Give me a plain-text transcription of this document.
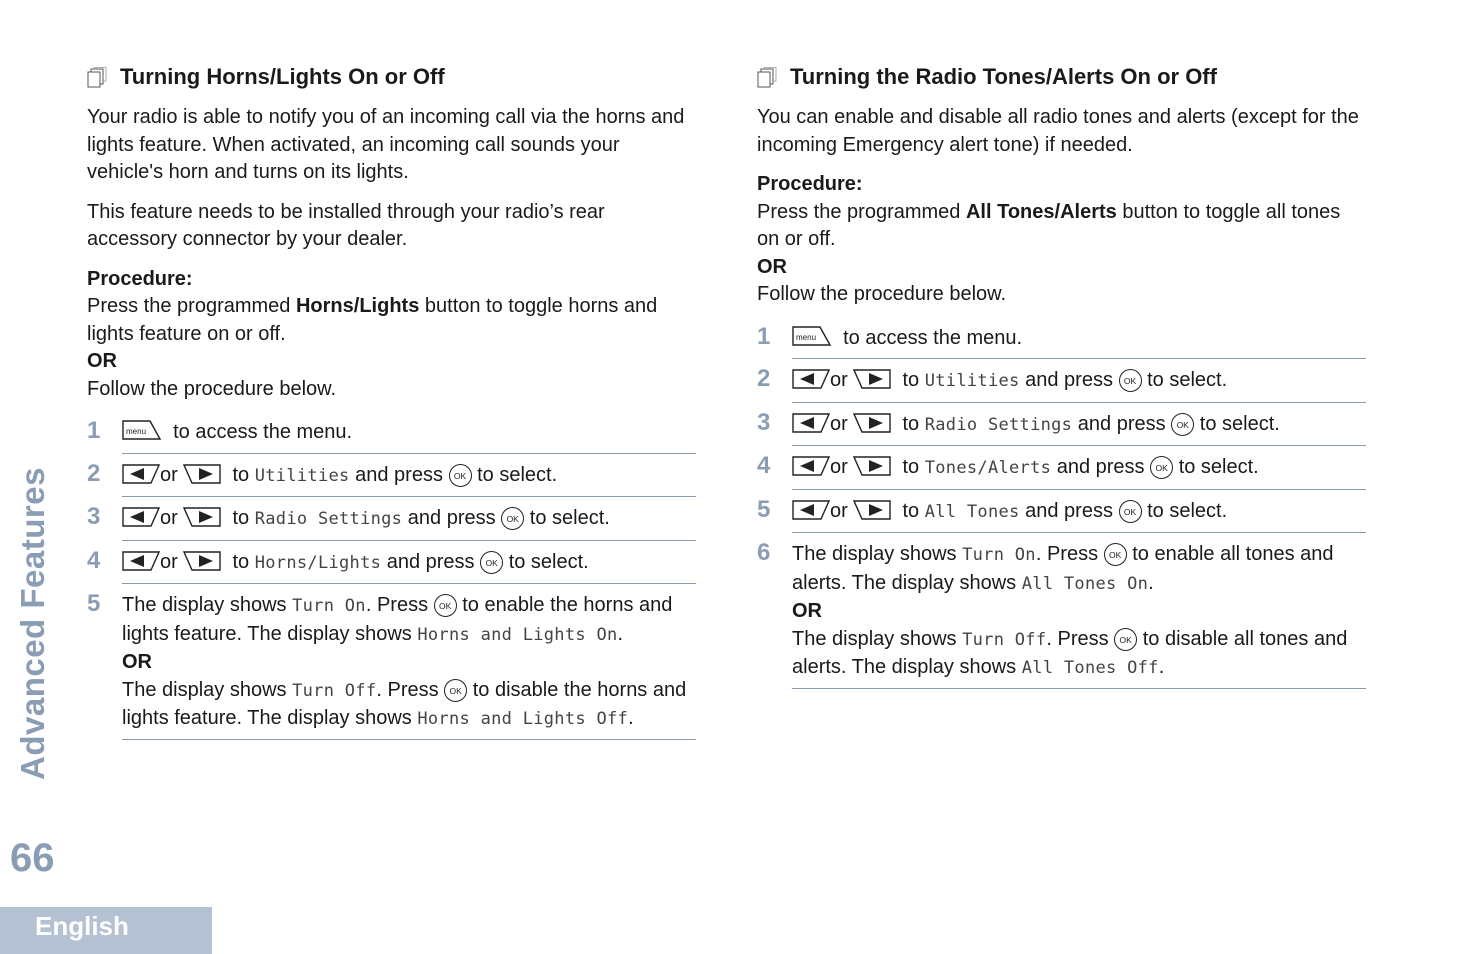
Advanced Features
66
English
Turning Horns/Lights On or Off

Your radio is able to notify you of an incoming call via the horns and lights feature. When activated, an incoming call sounds your vehicle's horn and turns on its lights.

This feature needs to be installed through your radio’s rear accessory connector by your dealer.

Procedure:
Press the programmed Horns/Lights button to toggle horns and lights feature on or off.
OR
Follow the procedure below.
1	menu to access the menu.
2	or	to Utilities and press OK to select.
3	or	to Radio Settings and press OK to select.
4	or	to Horns/Lights and press OK to select.
5 The display shows Turn On. Press OK to enable the horns and lights feature. The display shows Horns and Lights On.
OR
The display shows Turn Off. Press OK to disable the horns and lights feature. The display shows Horns and Lights Off.
Turning the Radio Tones/Alerts On or Off

You can enable and disable all radio tones and alerts (except for the incoming Emergency alert tone) if needed.

Procedure:
Press the programmed All Tones/Alerts button to toggle all tones on or off.
OR
Follow the procedure below.
1	menu to access the menu.
2	or	to Utilities and press OK to select.
3	or	to Radio Settings and press OK to select.
4	or	to Tones/Alerts and press OK to select.
5	or	to All Tones and press OK to select.
6 The display shows Turn On. Press OK to enable all tones and alerts. The display shows All Tones On.
OR
The display shows Turn Off. Press OK to disable all tones and alerts. The display shows All Tones Off.
